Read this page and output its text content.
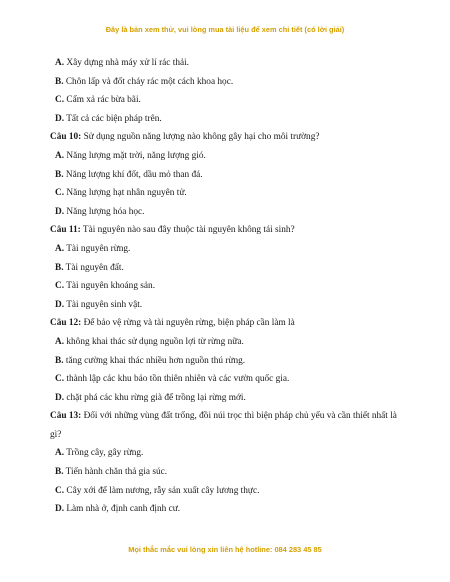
Đây là bản xem thử, vui lòng mua tài liệu để xem chi tiết (có lời giải)
A. Xây dựng nhà máy xử lí rác thải.
B. Chôn lấp và đốt cháy rác một cách khoa học.
C. Cấm xả rác bừa bãi.
D. Tất cả các biện pháp trên.
Câu 10: Sử dụng nguồn năng lượng nào không gây hại cho môi trường?
A. Năng lượng mặt trời, năng lượng gió.
B. Năng lượng khí đốt, dầu mỏ than đá.
C. Năng lượng hạt nhân nguyên tử.
D. Năng lượng hóa học.
Câu 11: Tài nguyên nào sau đây thuộc tài nguyên không tái sinh?
A. Tài nguyên rừng.
B. Tài nguyên đất.
C. Tài nguyên khoáng sản.
D. Tài nguyên sinh vật.
Câu 12: Để bảo vệ rừng và tài nguyên rừng, biện pháp cần làm là
A. không khai thác sử dụng nguồn lợi từ rừng nữa.
B. tăng cường khai thác nhiều hơn nguồn thú rừng.
C. thành lập các khu bảo tồn thiên nhiên và các vườn quốc gia.
D. chặt phá các khu rừng già để trồng lại rừng mới.
Câu 13: Đối với những vùng đất trống, đồi núi trọc thì biện pháp chủ yếu và cần thiết nhất là gì?
A. Trồng cây, gây rừng.
B. Tiến hành chăn thả gia súc.
C. Cây xới để làm nương, rẫy sản xuất cây lương thực.
D. Làm nhà ở, định canh định cư.
Mọi thắc mắc vui lòng xin liên hệ hotline: 084 283 45 85
